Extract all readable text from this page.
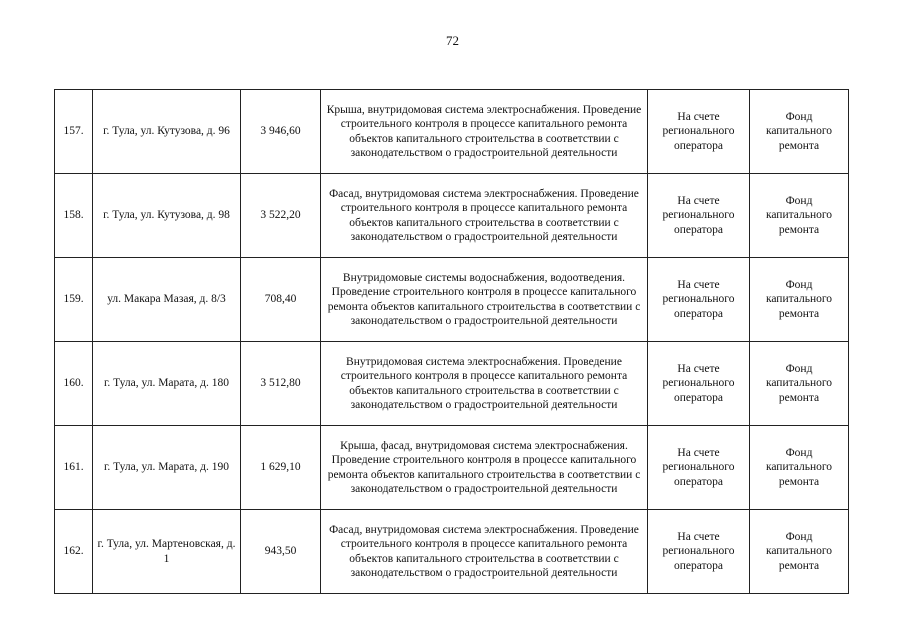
72
157.	г. Тула, ул. Кутузова, д. 96	3 946,60	Крыша, внутридомовая система электроснабжения. Проведение строительного контроля в процессе капитального ремонта объектов капитального строительства в соответствии с законодательством о градостроительной деятельности	На счете регионального оператора	Фонд капитального ремонта
158.	г. Тула, ул. Кутузова, д. 98	3 522,20	Фасад, внутридомовая система электроснабжения. Проведение строительного контроля в процессе капитального ремонта объектов капитального строительства в соответствии с законодательством о градостроительной деятельности	На счете регионального оператора	Фонд капитального ремонта
159.	ул. Макара Мазая, д. 8/3	708,40	Внутридомовые системы водоснабжения, водоотведения. Проведение строительного контроля в процессе капитального ремонта объектов капитального строительства в соответствии с законодательством о градостроительной деятельности	На счете регионального оператора	Фонд капитального ремонта
160.	г. Тула, ул. Марата, д. 180	3 512,80	Внутридомовая система электроснабжения. Проведение строительного контроля в процессе капитального ремонта объектов капитального строительства в соответствии с законодательством о градостроительной деятельности	На счете регионального оператора	Фонд капитального ремонта
161.	г. Тула, ул. Марата, д. 190	1 629,10	Крыша, фасад, внутридомовая система электроснабжения. Проведение строительного контроля в процессе капитального ремонта объектов капитального строительства в соответствии с законодательством о градостроительной деятельности	На счете регионального оператора	Фонд капитального ремонта
162.	г. Тула, ул. Мартеновская, д. 1	943,50	Фасад, внутридомовая система электроснабжения. Проведение строительного контроля в процессе капитального ремонта объектов капитального строительства в соответствии с законодательством о градостроительной деятельности	На счете регионального оператора	Фонд капитального ремонта
